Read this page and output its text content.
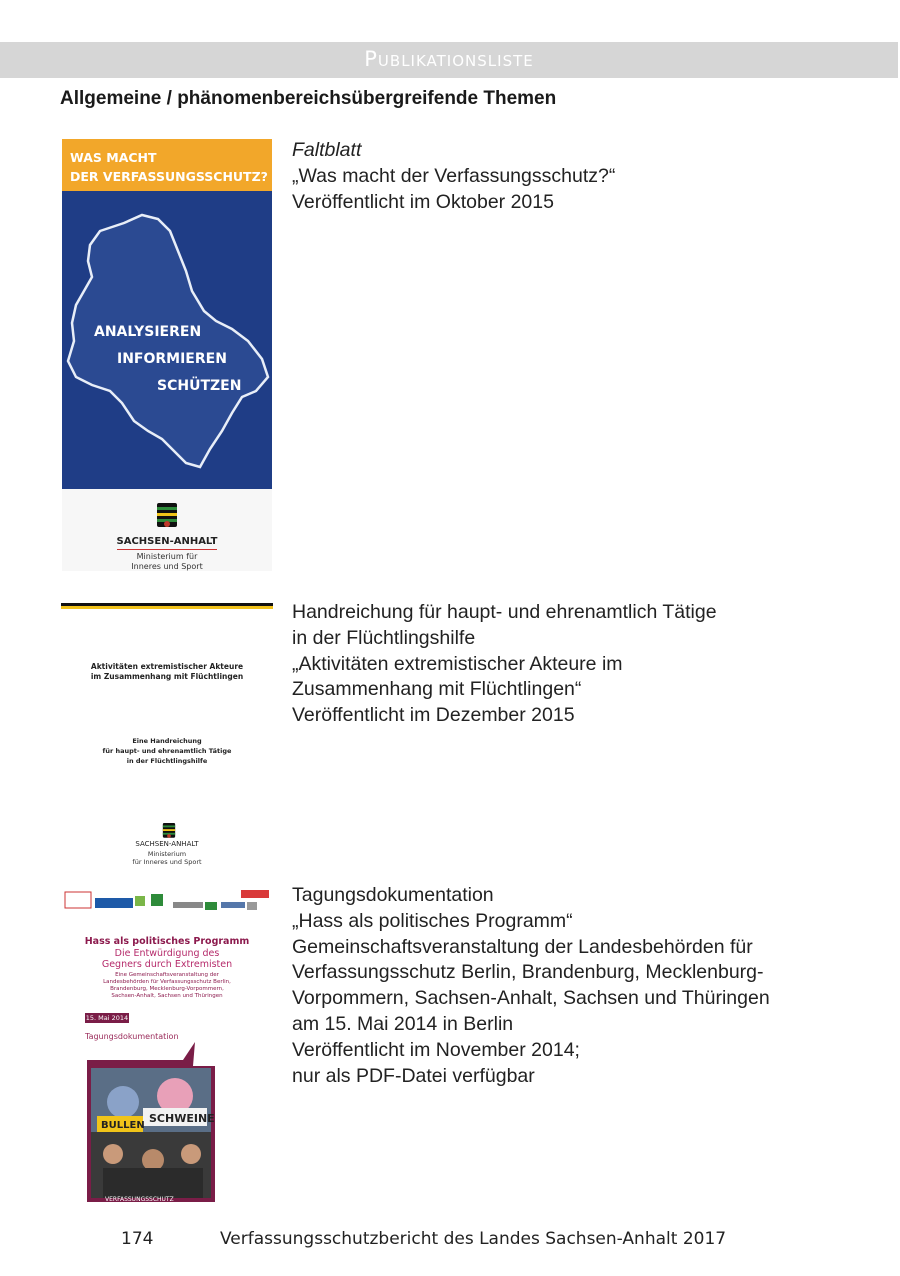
Publikationsliste
Allgemeine / phänomenbereichsübergreifende Themen
WAS MACHT
DER VERFASSUNGSSCHUTZ?
ANALYSIEREN
INFORMIEREN
SCHÜTZEN
SACHSEN-ANHALT
Ministerium für
Inneres und Sport
Faltblatt
„Was macht der Verfassungsschutz?“
Veröffentlicht im Oktober 2015
Aktivitäten extremistischer Akteure
im Zusammenhang mit Flüchtlingen
Eine Handreichung
für haupt- und ehrenamtlich Tätige
in der Flüchtlingshilfe
SACHSEN-ANHALT
Ministerium
für Inneres und Sport
Handreichung für haupt- und ehrenamtlich Tätige
in der Flüchtlingshilfe
„Aktivitäten extremistischer Akteure im
Zusammenhang mit Flüchtlingen“
Veröffentlicht im Dezember 2015
Hass als politisches Programm
Die Entwürdigung des
Gegners durch Extremisten
Eine Gemeinschaftsveranstaltung der
Landesbehörden für Verfassungsschutz Berlin,
Brandenburg, Mecklenburg-Vorpommern,
Sachsen-Anhalt, Sachsen und Thüringen
15. Mai 2014
Tagungsdokumentation
SCHWEINE
BULLEN
VERFASSUNGSSCHUTZ
Tagungsdokumentation
„Hass als politisches Programm“
Gemeinschaftsveranstaltung der Landesbehörden für
Verfassungsschutz Berlin, Brandenburg, Mecklenburg-
Vorpommern, Sachsen-Anhalt, Sachsen und Thüringen
am 15. Mai 2014 in Berlin
Veröffentlicht im November 2014;
nur als PDF-Datei verfügbar
174	Verfassungsschutzbericht des Landes Sachsen-Anhalt 2017
